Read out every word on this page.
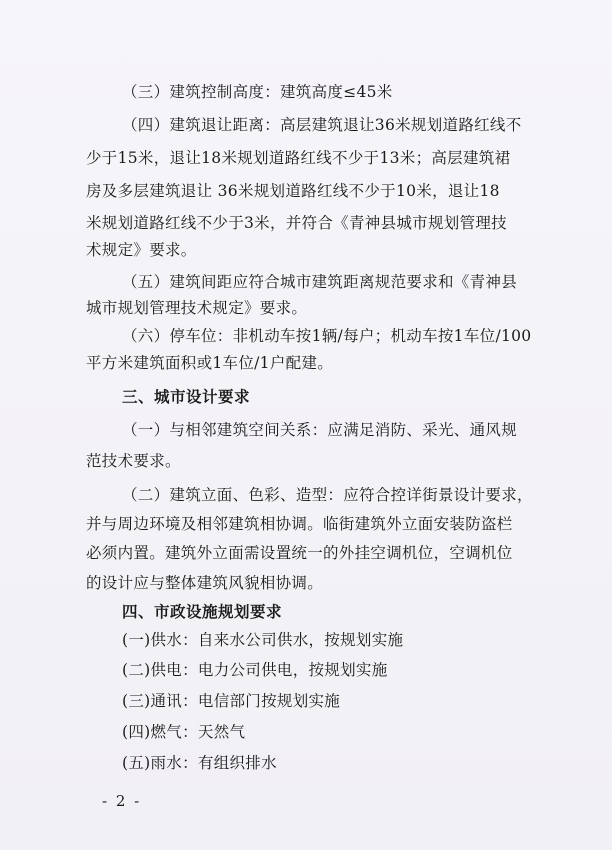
（三）建筑控制高度：建筑高度≤45米

（四）建筑退让距离：高层建筑退让36米规划道路红线不

少于15米，退让18米规划道路红线不少于13米；高层建筑裙

房及多层建筑退让 36米规划道路红线不少于10米，退让18

米规划道路红线不少于3米，并符合《青神县城市规划管理技

术规定》要求。

（五）建筑间距应符合城市建筑距离规范要求和《青神县

城市规划管理技术规定》要求。

（六）停车位：非机动车按1辆/每户；机动车按1车位/100

平方米建筑面积或1车位/1户配建。

三、城市设计要求

（一）与相邻建筑空间关系：应满足消防、采光、通风规

范技术要求。

（二）建筑立面、色彩、造型：应符合控详街景设计要求，

并与周边环境及相邻建筑相协调。临街建筑外立面安装防盗栏

必须内置。建筑外立面需设置统一的外挂空调机位，空调机位

的设计应与整体建筑风貌相协调。

四、市政设施规划要求

(一)供水：自来水公司供水，按规划实施

(二)供电：电力公司供电，按规划实施

(三)通讯：电信部门按规划实施

(四)燃气：天然气

(五)雨水：有组织排水

- 2 -
